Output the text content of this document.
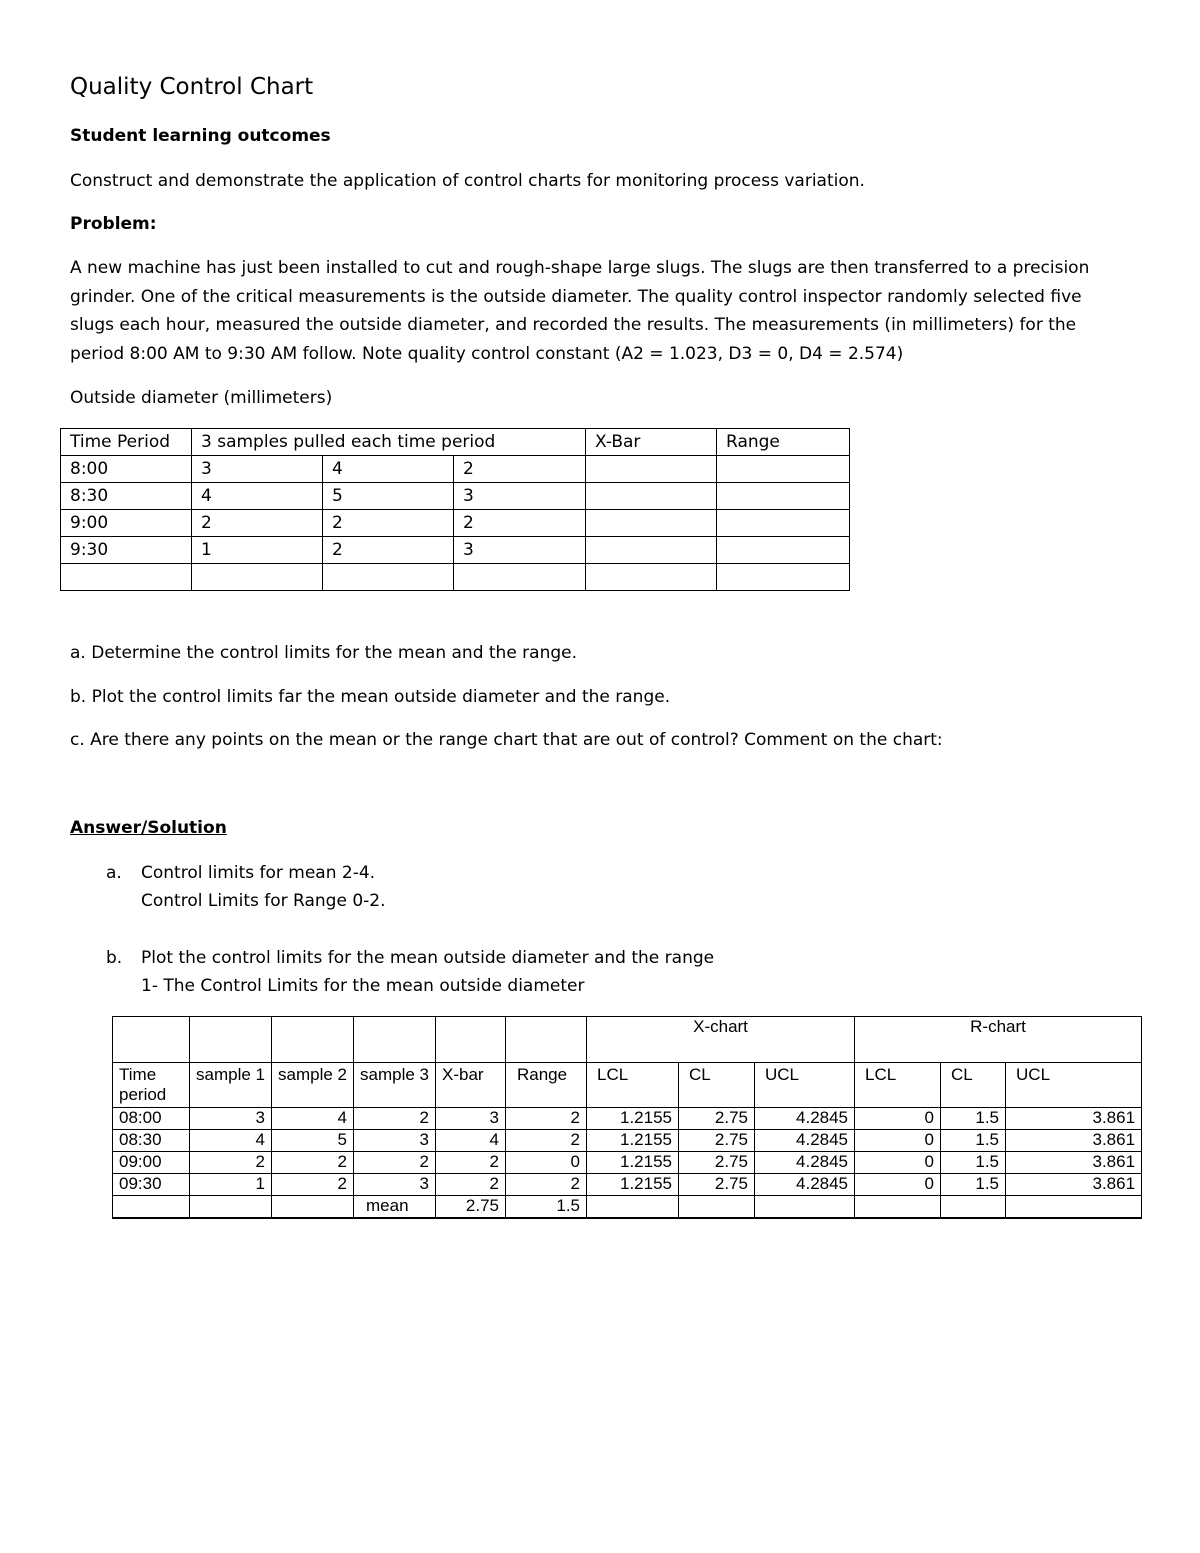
Quality Control Chart
Student learning outcomes
Construct and demonstrate the application of control charts for monitoring process variation.
Problem:
A new machine has just been installed to cut and rough-shape large slugs. The slugs are then transferred to a precision
grinder. One of the critical measurements is the outside diameter. The quality control inspector randomly selected five
slugs each hour, measured the outside diameter, and recorded the results. The measurements (in millimeters) for the
period 8:00 AM to 9:30 AM follow. Note quality control constant (A2 = 1.023, D3 = 0, D4 = 2.574)
Outside diameter (millimeters)
Time Period	3 samples pulled each time period			X-Bar	Range
8:00	3	4	2		
8:30	4	5	3		
9:00	2	2	2		
9:30	1	2	3		

a. Determine the control limits for the mean and the range.
b. Plot the control limits far the mean outside diameter and the range.
c. Are there any points on the mean or the range chart that are out of control? Comment on the chart:
Answer/Solution
a. Control limits for mean 2-4.
Control Limits for Range 0-2.
b. Plot the control limits for the mean outside diameter and the range
1- The Control Limits for the mean outside diameter
						X-chart			R-chart		
Time period	sample 1	sample 2	sample 3	X-bar	Range	LCL	CL	UCL	LCL	CL	UCL
08:00	3	4	2	3	2	1.2155	2.75	4.2845	0	1.5	3.861
08:30	4	5	3	4	2	1.2155	2.75	4.2845	0	1.5	3.861
09:00	2	2	2	2	0	1.2155	2.75	4.2845	0	1.5	3.861
09:30	1	2	3	2	2	1.2155	2.75	4.2845	0	1.5	3.861
			mean	2.75	1.5						
